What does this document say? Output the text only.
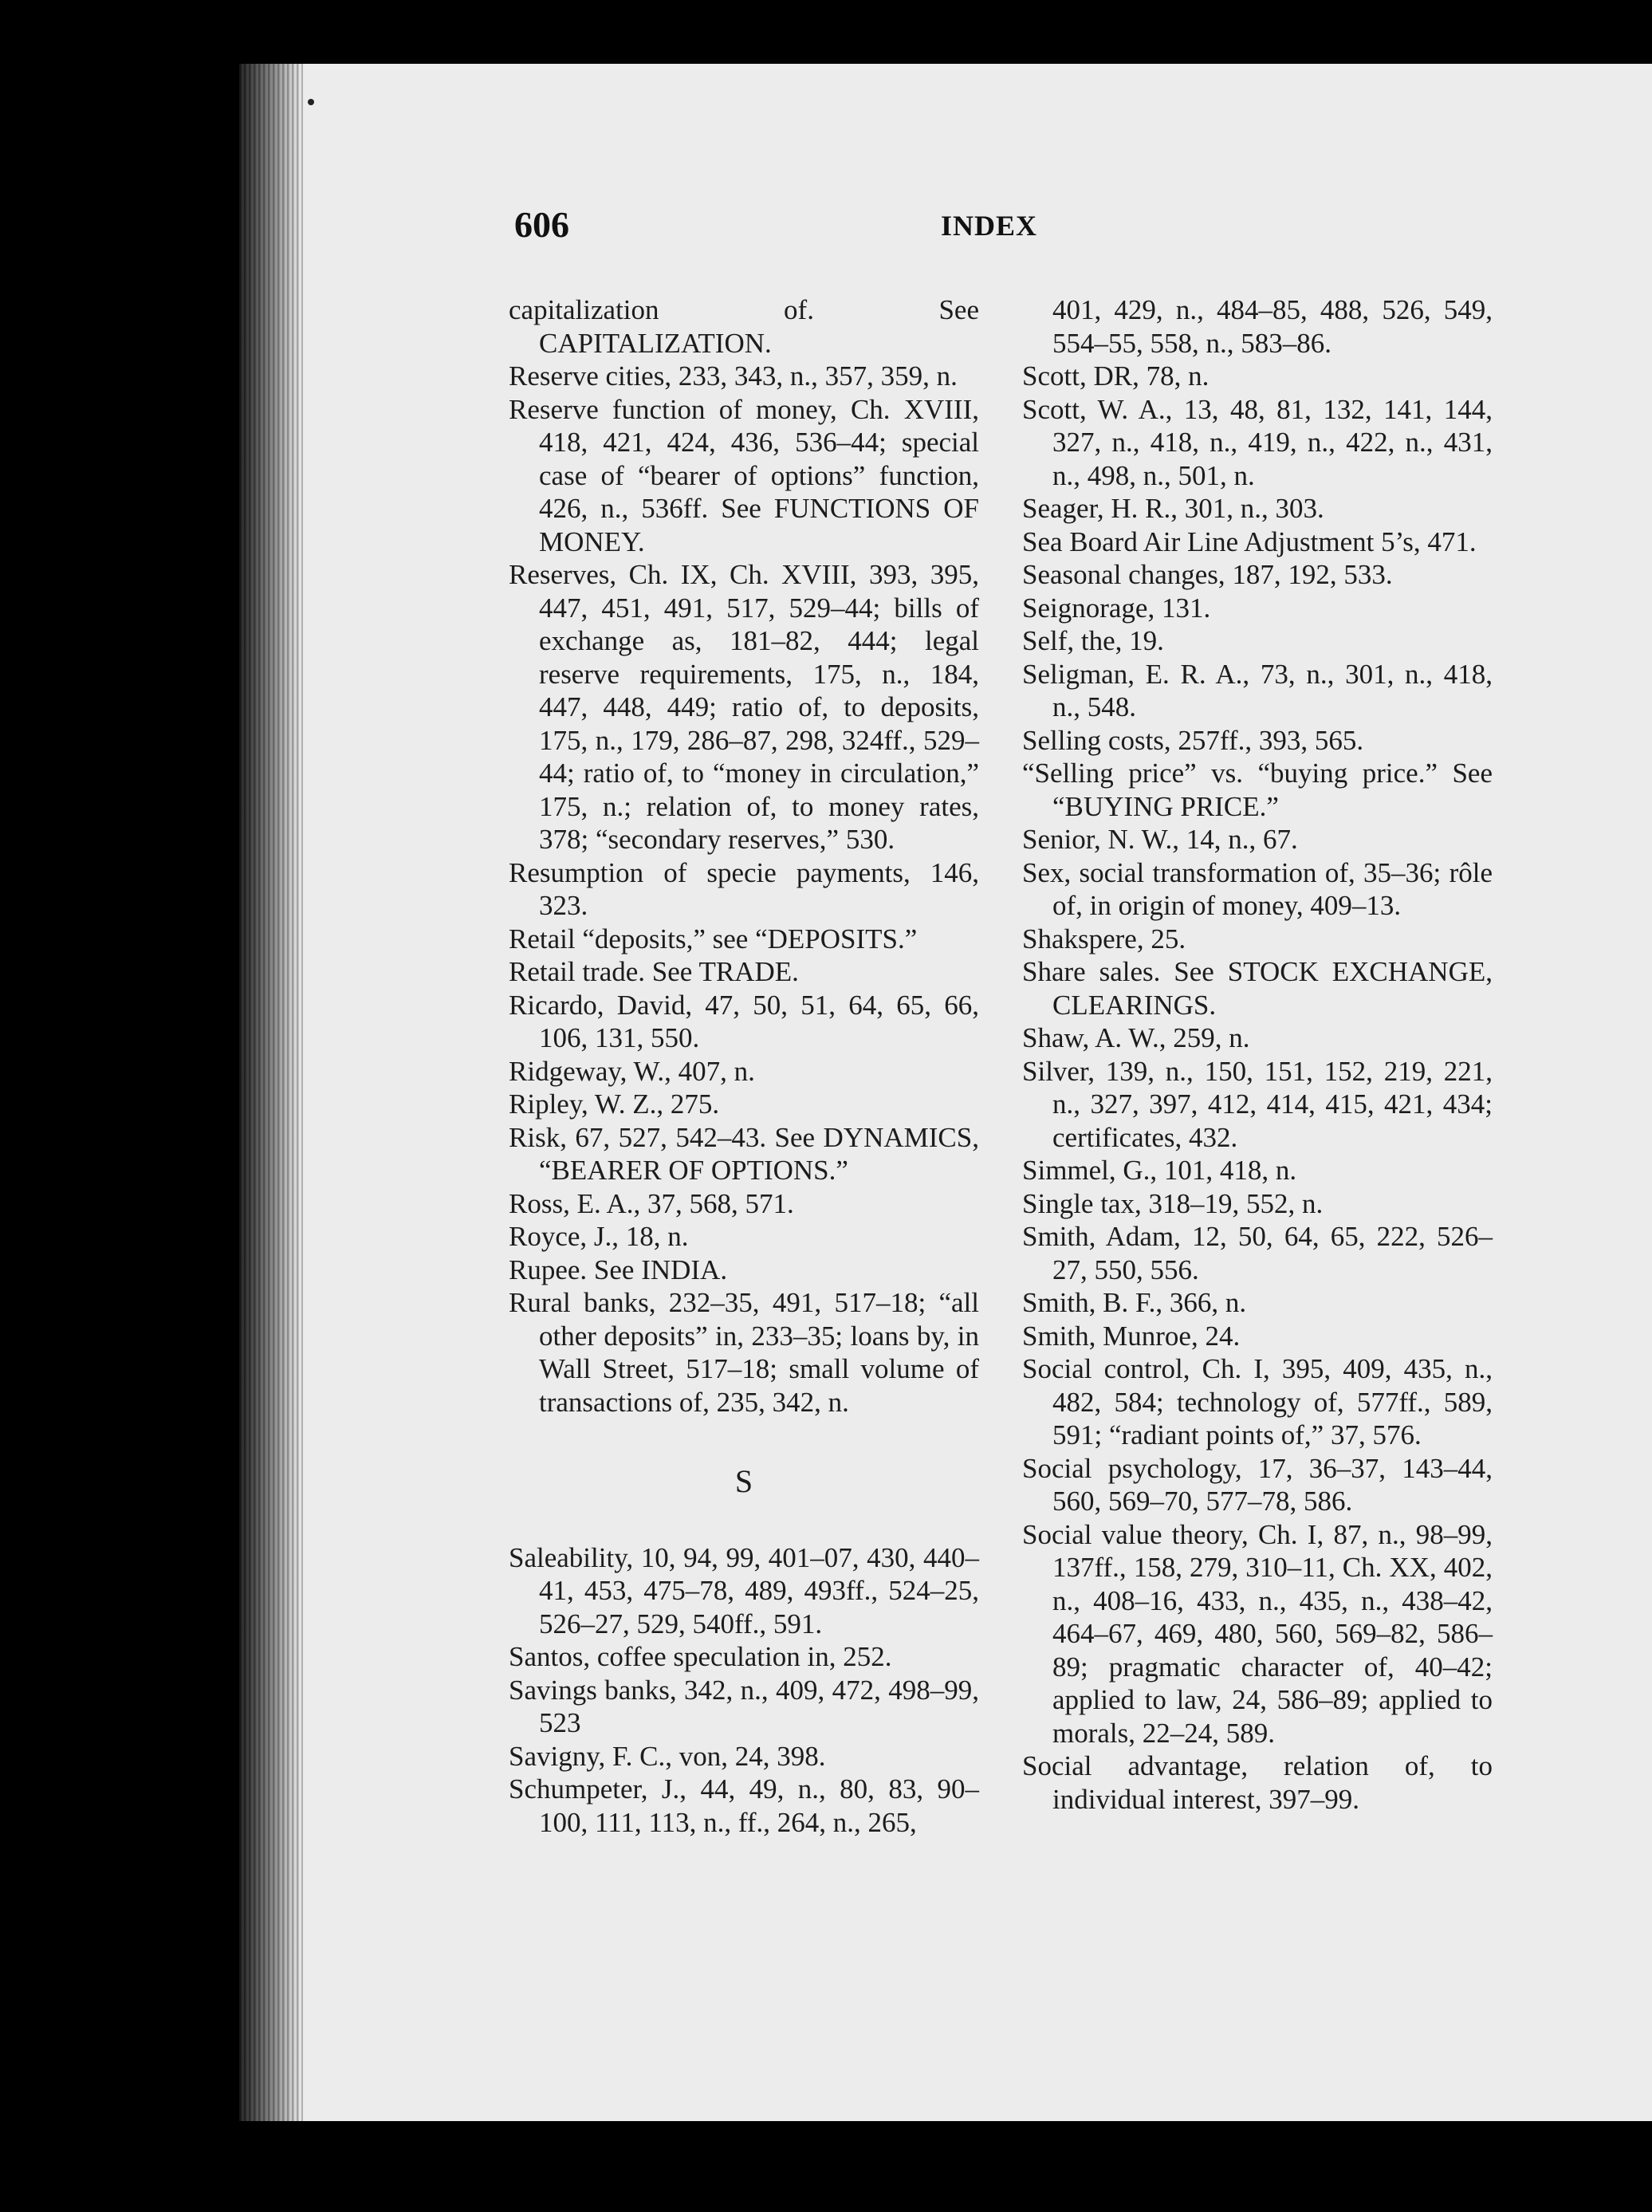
606	INDEX

capitalization of. See CAPITALIZATION.

Reserve cities, 233, 343, n., 357, 359, n.

Reserve function of money, Ch. XVIII, 418, 421, 424, 436, 536–44; special case of “bearer of options” function, 426, n., 536ff. See FUNCTIONS OF MONEY.

Reserves, Ch. IX, Ch. XVIII, 393, 395, 447, 451, 491, 517, 529–44; bills of exchange as, 181–82, 444; legal reserve requirements, 175, n., 184, 447, 448, 449; ratio of, to deposits, 175, n., 179, 286–87, 298, 324ff., 529–44; ratio of, to “money in circulation,” 175, n.; relation of, to money rates, 378; “secondary reserves,” 530.

Resumption of specie payments, 146, 323.

Retail “deposits,” see “DEPOSITS.”

Retail trade. See TRADE.

Ricardo, David, 47, 50, 51, 64, 65, 66, 106, 131, 550.

Ridgeway, W., 407, n.

Ripley, W. Z., 275.

Risk, 67, 527, 542–43. See DYNAMICS, “BEARER OF OPTIONS.”

Ross, E. A., 37, 568, 571.

Royce, J., 18, n.

Rupee. See INDIA.

Rural banks, 232–35, 491, 517–18; “all other deposits” in, 233–35; loans by, in Wall Street, 517–18; small volume of transactions of, 235, 342, n.

S

Saleability, 10, 94, 99, 401–07, 430, 440–41, 453, 475–78, 489, 493ff., 524–25, 526–27, 529, 540ff., 591.

Santos, coffee speculation in, 252.

Savings banks, 342, n., 409, 472, 498–99, 523

Savigny, F. C., von, 24, 398.

Schumpeter, J., 44, 49, n., 80, 83, 90–100, 111, 113, n., ff., 264, n., 265,

401, 429, n., 484–85, 488, 526, 549, 554–55, 558, n., 583–86.

Scott, DR, 78, n.

Scott, W. A., 13, 48, 81, 132, 141, 144, 327, n., 418, n., 419, n., 422, n., 431, n., 498, n., 501, n.

Seager, H. R., 301, n., 303.

Sea Board Air Line Adjustment 5’s, 471.

Seasonal changes, 187, 192, 533.

Seignorage, 131.

Self, the, 19.

Seligman, E. R. A., 73, n., 301, n., 418, n., 548.

Selling costs, 257ff., 393, 565.

“Selling price” vs. “buying price.” See “BUYING PRICE.”

Senior, N. W., 14, n., 67.

Sex, social transformation of, 35–36; rôle of, in origin of money, 409–13.

Shakspere, 25.

Share sales. See STOCK EXCHANGE, CLEARINGS.

Shaw, A. W., 259, n.

Silver, 139, n., 150, 151, 152, 219, 221, n., 327, 397, 412, 414, 415, 421, 434; certificates, 432.

Simmel, G., 101, 418, n.

Single tax, 318–19, 552, n.

Smith, Adam, 12, 50, 64, 65, 222, 526–27, 550, 556.

Smith, B. F., 366, n.

Smith, Munroe, 24.

Social control, Ch. I, 395, 409, 435, n., 482, 584; technology of, 577ff., 589, 591; “radiant points of,” 37, 576.

Social psychology, 17, 36–37, 143–44, 560, 569–70, 577–78, 586.

Social value theory, Ch. I, 87, n., 98–99, 137ff., 158, 279, 310–11, Ch. XX, 402, n., 408–16, 433, n., 435, n., 438–42, 464–67, 469, 480, 560, 569–82, 586–89; pragmatic character of, 40–42; applied to law, 24, 586–89; applied to morals, 22–24, 589.

Social advantage, relation of, to individual interest, 397–99.
